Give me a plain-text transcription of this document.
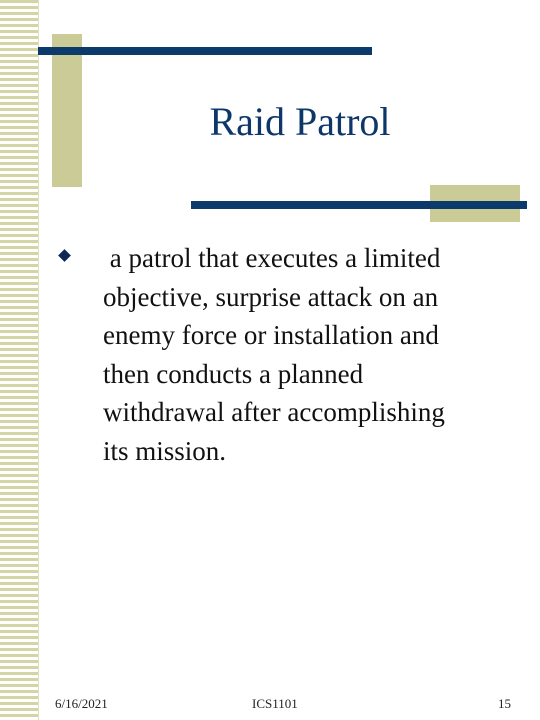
Raid Patrol
a patrol that executes a limited
objective, surprise attack on an
enemy force or installation and
then conducts a planned
withdrawal after accomplishing
its mission.
6/16/2021	ICS1101	15
